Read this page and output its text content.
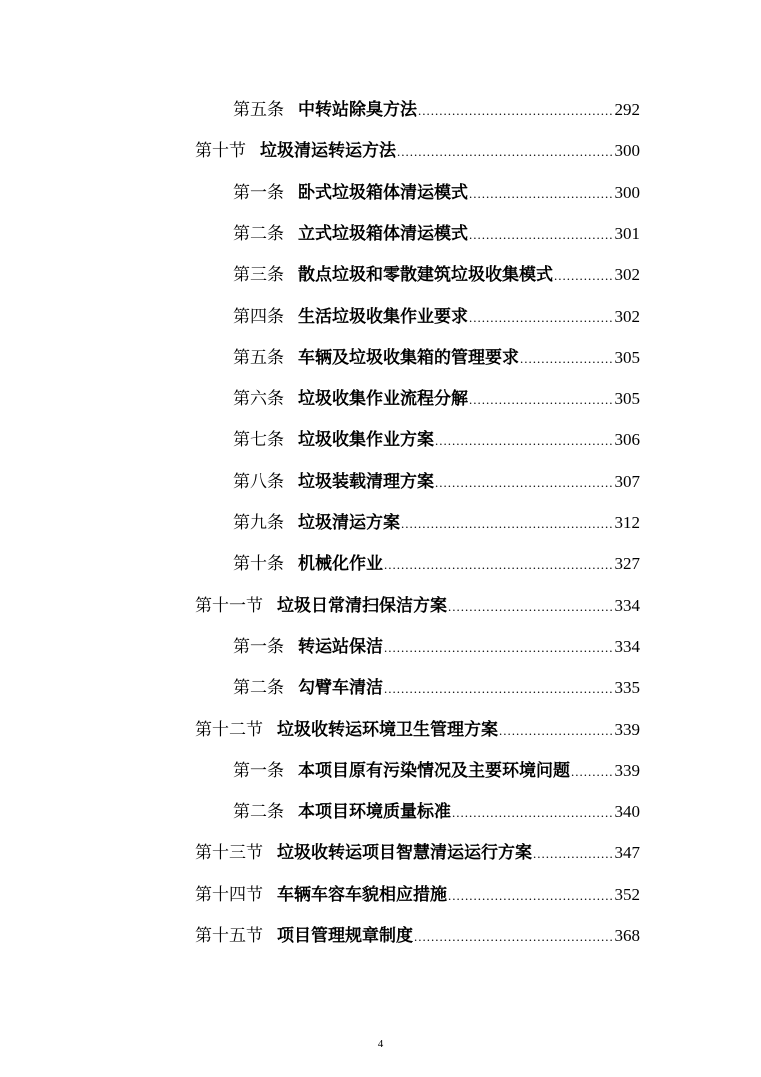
第五条 中转站除臭方法 .....	292
第十节 垃圾清运转运方法 .....	300
第一条 卧式垃圾箱体清运模式 .....	300
第二条 立式垃圾箱体清运模式 .....	301
第三条 散点垃圾和零散建筑垃圾收集模式 .....	302
第四条 生活垃圾收集作业要求 .....	302
第五条 车辆及垃圾收集箱的管理要求 .....	305
第六条 垃圾收集作业流程分解 .....	305
第七条 垃圾收集作业方案 .....	306
第八条 垃圾装载清理方案 .....	307
第九条 垃圾清运方案 .....	312
第十条 机械化作业 .....	327
第十一节 垃圾日常清扫保洁方案 .....	334
第一条 转运站保洁 .....	334
第二条 勾臂车清洁 .....	335
第十二节 垃圾收转运环境卫生管理方案 .....	339
第一条 本项目原有污染情况及主要环境问题 .....	339
第二条 本项目环境质量标准 .....	340
第十三节 垃圾收转运项目智慧清运运行方案 .....	347
第十四节 车辆车容车貌相应措施 .....	352
第十五节 项目管理规章制度 .....	368
4
